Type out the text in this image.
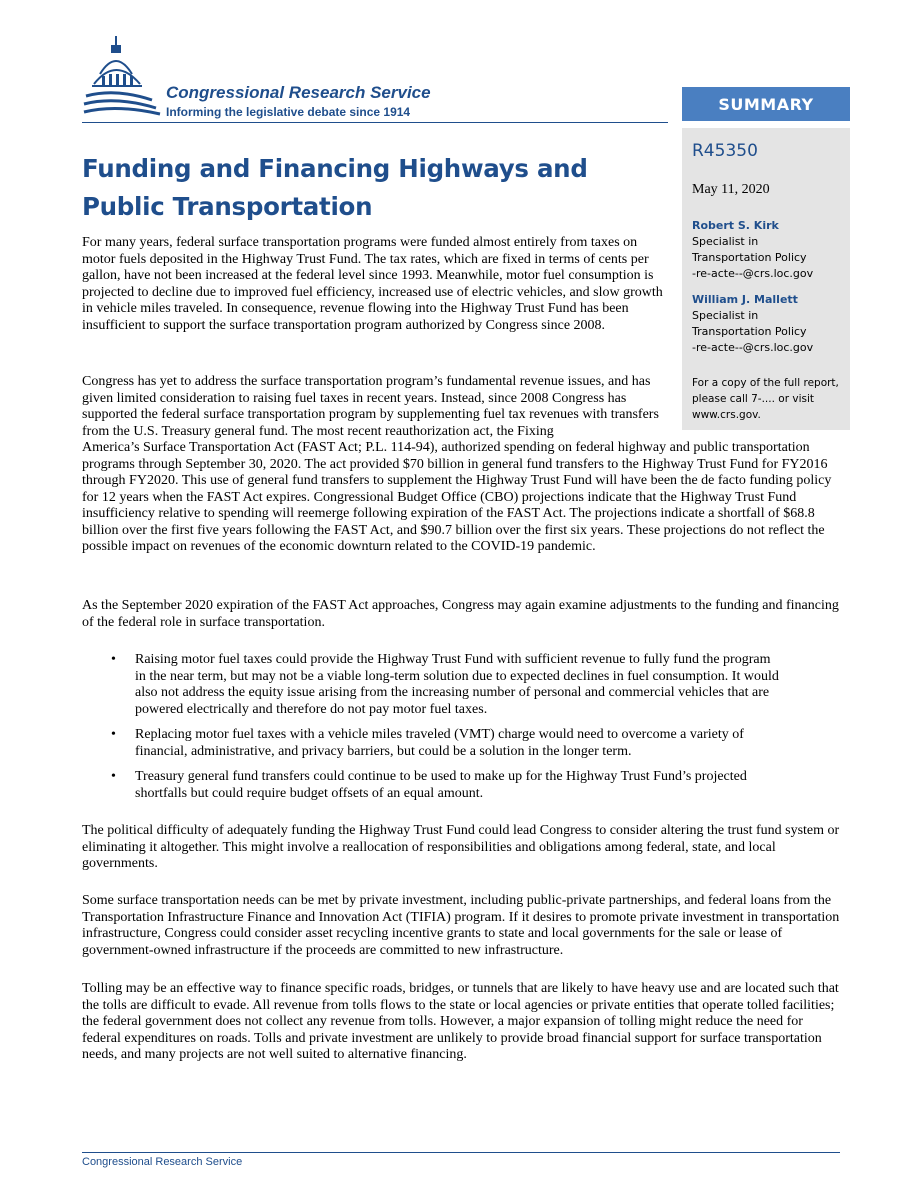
Congressional Research Service

Informing the legislative debate since 1914	SUMMARY

R45350

May 11, 2020

Robert S. Kirk
Specialist in
Transportation Policy
-re-acte--@crs.loc.gov
William J. Mallett
Specialist in
Transportation Policy
-re-acte--@crs.loc.gov

For a copy of the full report, please call 7-.... or visit www.crs.gov.

Funding and Financing Highways and Public Transportation

For many years, federal surface transportation programs were funded almost entirely from taxes on motor fuels deposited in the Highway Trust Fund. The tax rates, which are fixed in terms of cents per gallon, have not been increased at the federal level since 1993. Meanwhile, motor fuel consumption is projected to decline due to improved fuel efficiency, increased use of electric vehicles, and slow growth in vehicle miles traveled. In consequence, revenue flowing into the Highway Trust Fund has been insufficient to support the surface transportation program authorized by Congress since 2008.

Congress has yet to address the surface transportation program’s fundamental revenue issues, and has given limited consideration to raising fuel taxes in recent years. Instead, since 2008 Congress has supported the federal surface transportation program by supplementing fuel tax revenues with transfers from the U.S. Treasury general fund. The most recent reauthorization act, the Fixing

America’s Surface Transportation Act (FAST Act; P.L. 114-94), authorized spending on federal highway and public transportation programs through September 30, 2020. The act provided $70 billion in general fund transfers to the Highway Trust Fund for FY2016 through FY2020. This use of general fund transfers to supplement the Highway Trust Fund will have been the de facto funding policy for 12 years when the FAST Act expires. Congressional Budget Office (CBO) projections indicate that the Highway Trust Fund insufficiency relative to spending will reemerge following expiration of the FAST Act. The projections indicate a shortfall of $68.8 billion over the first five years following the FAST Act, and $90.7 billion over the first six years. These projections do not reflect the possible impact on revenues of the economic downturn related to the COVID-19 pandemic.

As the September 2020 expiration of the FAST Act approaches, Congress may again examine adjustments to the funding and financing of the federal role in surface transportation.

• Raising motor fuel taxes could provide the Highway Trust Fund with sufficient revenue to fully fund the program in the near term, but may not be a viable long-term solution due to expected declines in fuel consumption. It would also not address the equity issue arising from the increasing number of personal and commercial vehicles that are powered electrically and therefore do not pay motor fuel taxes.
• Replacing motor fuel taxes with a vehicle miles traveled (VMT) charge would need to overcome a variety of financial, administrative, and privacy barriers, but could be a solution in the longer term.
• Treasury general fund transfers could continue to be used to make up for the Highway Trust Fund’s projected shortfalls but could require budget offsets of an equal amount.

The political difficulty of adequately funding the Highway Trust Fund could lead Congress to consider altering the trust fund system or eliminating it altogether. This might involve a reallocation of responsibilities and obligations among federal, state, and local governments.

Some surface transportation needs can be met by private investment, including public-private partnerships, and federal loans from the Transportation Infrastructure Finance and Innovation Act (TIFIA) program. If it desires to promote private investment in transportation infrastructure, Congress could consider asset recycling incentive grants to state and local governments for the sale or lease of government-owned infrastructure if the proceeds are committed to new infrastructure.

Tolling may be an effective way to finance specific roads, bridges, or tunnels that are likely to have heavy use and are located such that the tolls are difficult to evade. All revenue from tolls flows to the state or local agencies or private entities that operate tolled facilities; the federal government does not collect any revenue from tolls. However, a major expansion of tolling might reduce the need for federal expenditures on roads. Tolls and private investment are unlikely to provide broad financial support for surface transportation needs, and many projects are not well suited to alternative financing.

Congressional Research Service
